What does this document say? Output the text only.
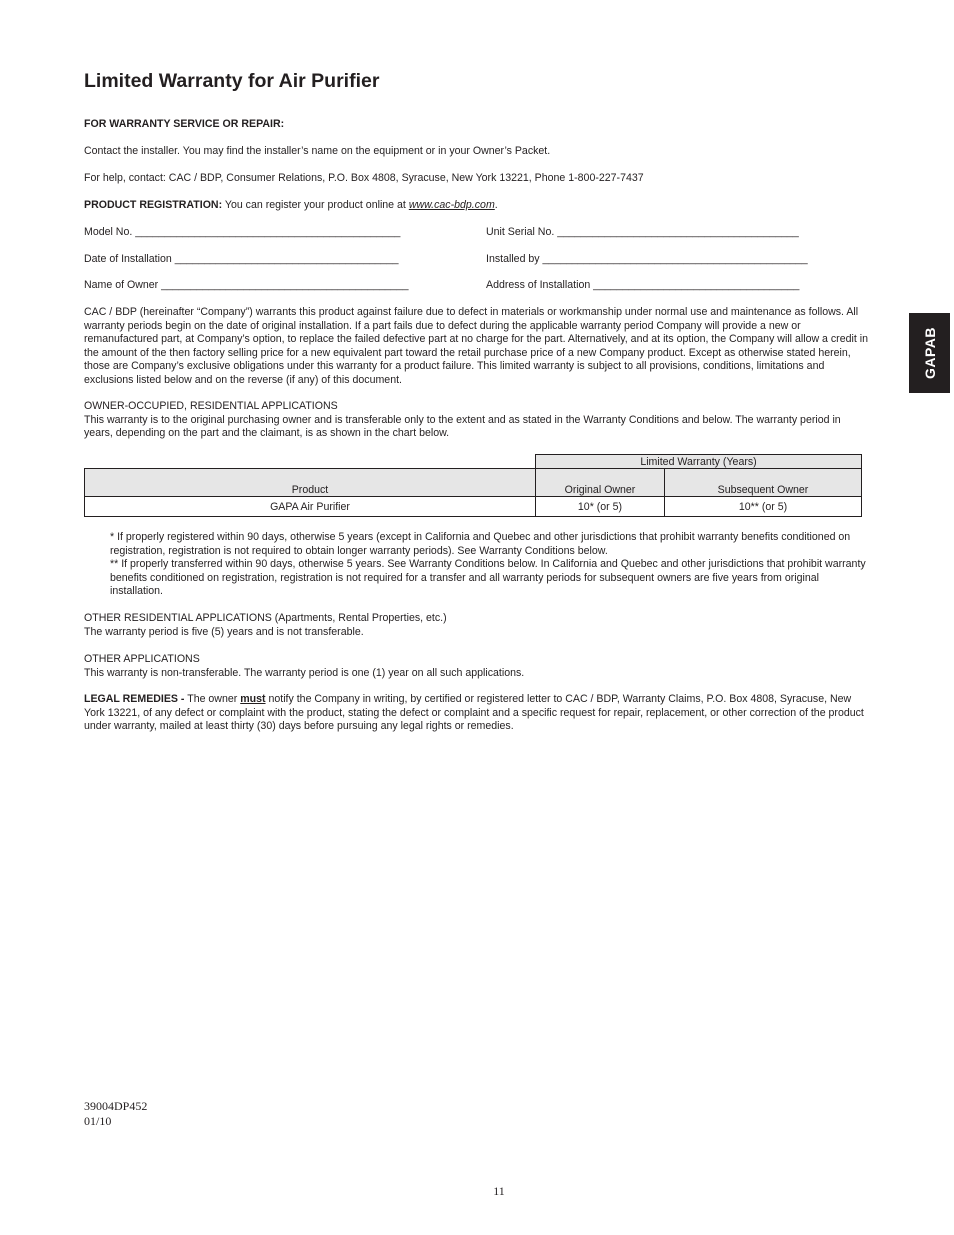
Limited Warranty for Air Purifier
GAPAB
FOR WARRANTY SERVICE OR REPAIR:
Contact the installer. You may find the installer’s name on the equipment or in your Owner’s Packet.
For help, contact: CAC / BDP, Consumer Relations, P.O. Box 4808, Syracuse, New York 13221, Phone 1-800-227-7437
PRODUCT REGISTRATION: You can register your product online at www.cac-bdp.com.
Model No. _____________________________________________	Unit Serial No. _________________________________________
Date of Installation ______________________________________	Installed by _____________________________________________
Name of Owner __________________________________________	Address of Installation ___________________________________
CAC / BDP (hereinafter “Company”) warrants this product against failure due to defect in materials or workmanship under normal use and maintenance as follows. All warranty periods begin on the date of original installation. If a part fails due to defect during the applicable warranty period Company will provide a new or remanufactured part, at Company’s option, to replace the failed defective part at no charge for the part. Alternatively, and at its option, the Company will allow a credit in the amount of the then factory selling price for a new equivalent part toward the retail purchase price of a new Company product. Except as otherwise stated herein, those are Company’s exclusive obligations under this warranty for a product failure. This limited warranty is subject to all provisions, conditions, limitations and exclusions listed below and on the reverse (if any) of this document.
OWNER-OCCUPIED, RESIDENTIAL APPLICATIONS
This warranty is to the original purchasing owner and is transferable only to the extent and as stated in the Warranty Conditions and below. The warranty period in years, depending on the part and the claimant, is as shown in the chart below.
	Limited Warranty (Years)	
Product	Original Owner	Subsequent Owner
GAPA Air Purifier	10* (or 5)	10** (or 5)
* If properly registered within 90 days, otherwise 5 years (except in California and Quebec and other jurisdictions that prohibit warranty benefits conditioned on registration, registration is not required to obtain longer warranty periods). See Warranty Conditions below.
** If properly transferred within 90 days, otherwise 5 years. See Warranty Conditions below. In California and Quebec and other jurisdictions that prohibit warranty benefits conditioned on registration, registration is not required for a transfer and all warranty periods for subsequent owners are five years from original installation.
OTHER RESIDENTIAL APPLICATIONS (Apartments, Rental Properties, etc.)
The warranty period is five (5) years and is not transferable.
OTHER APPLICATIONS
This warranty is non-transferable. The warranty period is one (1) year on all such applications.
LEGAL REMEDIES - The owner must notify the Company in writing, by certified or registered letter to CAC / BDP, Warranty Claims, P.O. Box 4808, Syracuse, New York 13221, of any defect or complaint with the product, stating the defect or complaint and a specific request for repair, replacement, or other correction of the product under warranty, mailed at least thirty (30) days before pursuing any legal rights or remedies.
39004DP452
01/10
11
